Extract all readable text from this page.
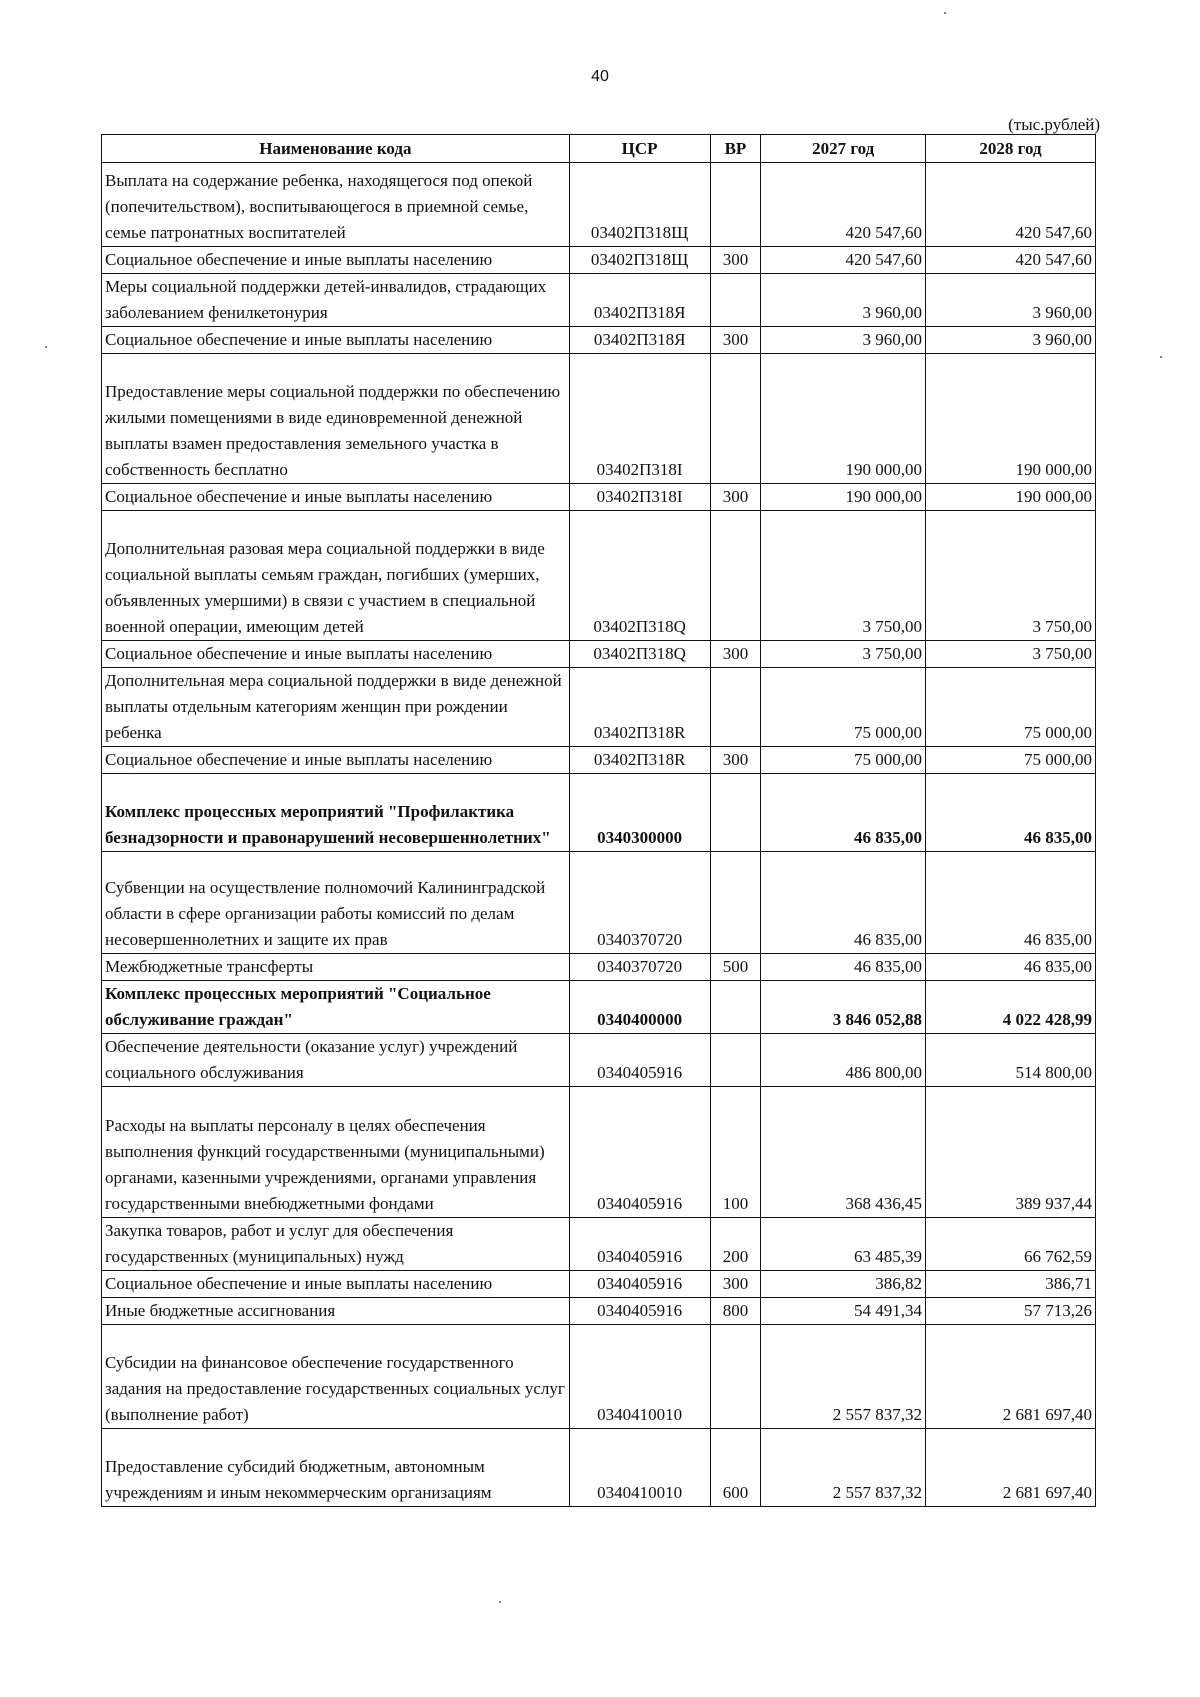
40
(тыс.рублей)
Наименование кода	ЦСР	ВР	2027 год	2028 год
Выплата на содержание ребенка, находящегося под опекой (попечительством), воспитывающегося в приемной семье, семье патронатных воспитателей	03402П318Щ		420 547,60	420 547,60
Социальное обеспечение и иные выплаты населению	03402П318Щ	300	420 547,60	420 547,60
Меры социальной поддержки детей-инвалидов, страдающих заболеванием фенилкетонурия	03402П318Я		3 960,00	3 960,00
Социальное обеспечение и иные выплаты населению	03402П318Я	300	3 960,00	3 960,00
Предоставление меры социальной поддержки по обеспечению жилыми помещениями в виде единовременной денежной выплаты взамен предоставления земельного участка в собственность бесплатно	03402П318I		190 000,00	190 000,00
Социальное обеспечение и иные выплаты населению	03402П318I	300	190 000,00	190 000,00
Дополнительная разовая мера социальной поддержки в виде социальной выплаты семьям граждан, погибших (умерших, объявленных умершими) в связи с участием в специальной военной операции, имеющим детей	03402П318Q		3 750,00	3 750,00
Социальное обеспечение и иные выплаты населению	03402П318Q	300	3 750,00	3 750,00
Дополнительная мера социальной поддержки в виде денежной выплаты отдельным категориям женщин при рождении ребенка	03402П318R		75 000,00	75 000,00
Социальное обеспечение и иные выплаты населению	03402П318R	300	75 000,00	75 000,00
Комплекс процессных мероприятий "Профилактика безнадзорности и правонарушений несовершеннолетних"	0340300000		46 835,00	46 835,00
Субвенции на осуществление полномочий Калининградской области в сфере организации работы комиссий по делам несовершеннолетних и защите их прав	0340370720		46 835,00	46 835,00
Межбюджетные трансферты	0340370720	500	46 835,00	46 835,00
Комплекс процессных мероприятий "Социальное обслуживание граждан"	0340400000		3 846 052,88	4 022 428,99
Обеспечение деятельности (оказание услуг) учреждений социального обслуживания	0340405916		486 800,00	514 800,00
Расходы на выплаты персоналу в целях обеспечения выполнения функций государственными (муниципальными) органами, казенными учреждениями, органами управления государственными внебюджетными фондами	0340405916	100	368 436,45	389 937,44
Закупка товаров, работ и услуг для обеспечения государственных (муниципальных) нужд	0340405916	200	63 485,39	66 762,59
Социальное обеспечение и иные выплаты населению	0340405916	300	386,82	386,71
Иные бюджетные ассигнования	0340405916	800	54 491,34	57 713,26
Субсидии на финансовое обеспечение государственного задания на предоставление государственных социальных услуг (выполнение работ)	0340410010		2 557 837,32	2 681 697,40
Предоставление субсидий бюджетным, автономным учреждениям и иным некоммерческим организациям	0340410010	600	2 557 837,32	2 681 697,40
